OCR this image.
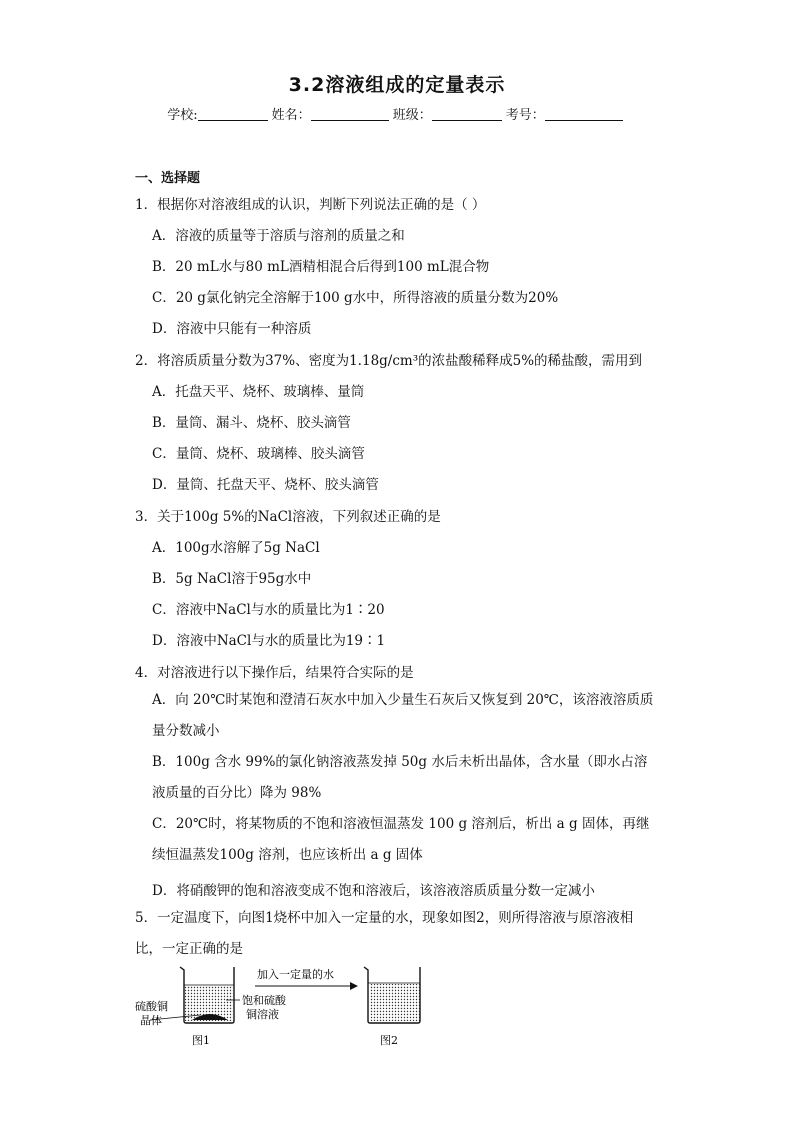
3.2溶液组成的定量表示
学校:	姓名：	班级：	考号：
一、选择题
1．根据你对溶液组成的认识，判断下列说法正确的是（ ）
A．溶液的质量等于溶质与溶剂的质量之和
B．20 mL水与80 mL酒精相混合后得到100 mL混合物
C．20 g氯化钠完全溶解于100 g水中，所得溶液的质量分数为20%
D．溶液中只能有一种溶质
2．将溶质质量分数为37%、密度为1.18g/cm³的浓盐酸稀释成5%的稀盐酸，需用到
A．托盘天平、烧杯、玻璃棒、量筒
B．量筒、漏斗、烧杯、胶头滴管
C．量筒、烧杯、玻璃棒、胶头滴管
D．量筒、托盘天平、烧杯、胶头滴管
3．关于100g 5%的NaCl溶液，下列叙述正确的是
A．100g水溶解了5g NaCl
B．5g NaCl溶于95g水中
C．溶液中NaCl与水的质量比为1∶20
D．溶液中NaCl与水的质量比为19∶1
4．对溶液进行以下操作后，结果符合实际的是
A．向 20℃时某饱和澄清石灰水中加入少量生石灰后又恢复到 20℃，该溶液溶质质量分数减小
B．100g 含水 99%的氯化钠溶液蒸发掉 50g 水后未析出晶体，含水量（即水占溶液质量的百分比）降为 98%
C．20℃时，将某物质的不饱和溶液恒温蒸发 100 g 溶剂后，析出 a g 固体，再继续恒温蒸发100g 溶剂，也应该析出 a g 固体
D．将硝酸钾的饱和溶液变成不饱和溶液后，该溶液溶质质量分数一定减小
5．一定温度下，向图1烧杯中加入一定量的水，现象如图2，则所得溶液与原溶液相比，一定正确的是
硫酸铜
晶体
饱和硫酸
铜溶液
加入一定量的水
图1	图2
